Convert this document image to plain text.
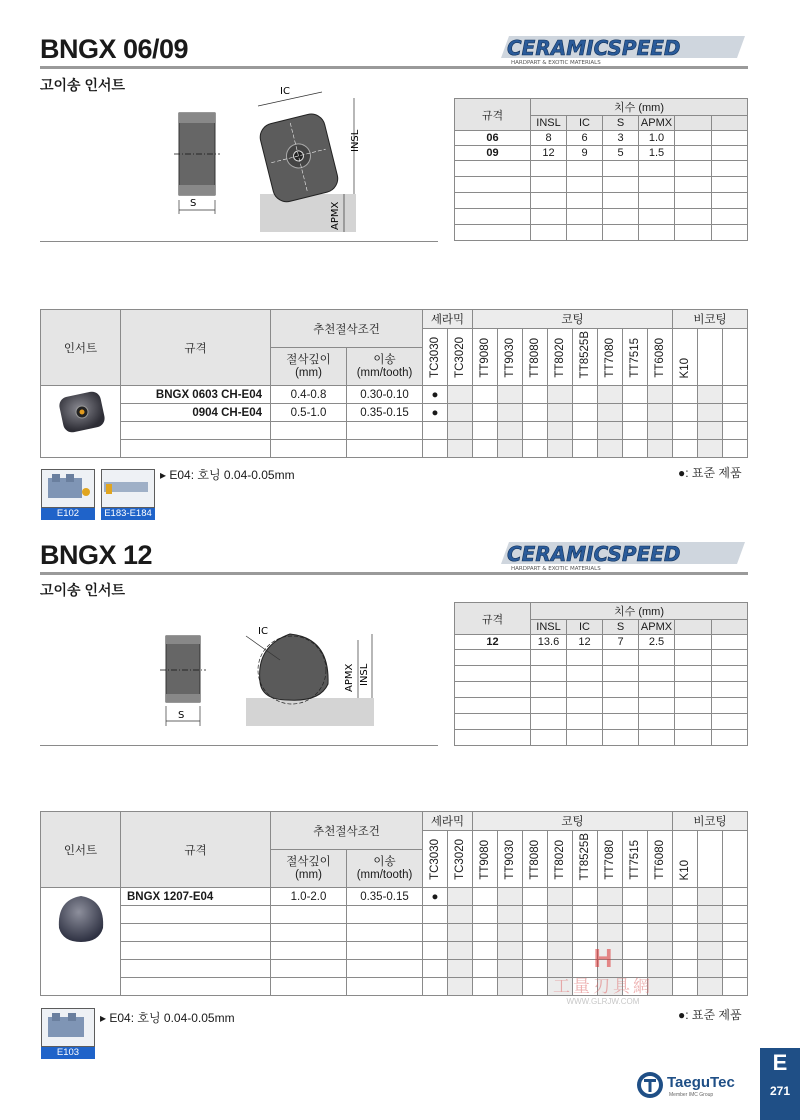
BNGX 06/09	CERAMICSPEED
HARDPART & EXOTIC MATERIALS
고이송 인서트
S
IC
INSL
APMX
규격	치수 (mm)					
	INSL	IC	S	APMX		
06	8	6	3	1.0		
09	12	9	5	1.5		

인서트	규격	추천절삭조건		세라믹		코팅								비코팅		
				TC3030	TC3020	TT9080	TT9030	TT8080	TT8020	TT8525B	TT7080	TT7515	TT6080	K10		
		절삭깊이
(mm)	이송
(mm/tooth)													
	BNGX 0603 CH-E04	0.4-0.8	0.30-0.10	●												
	0904 CH-E04	0.5-1.0	0.35-0.15	●												

E102	E183-E184
▸ E04: 호닝 0.04-0.05mm	●: 표준 제품
BNGX 12	CERAMICSPEED
HARDPART & EXOTIC MATERIALS
고이송 인서트
S
IC
APMX INSL
규격	치수 (mm)					
	INSL	IC	S	APMX		
12	13.6	12	7	2.5		

인서트	규격	추천절삭조건		세라믹		코팅								비코팅		
				TC3030	TC3020	TT9080	TT9030	TT8080	TT8020	TT8525B	TT7080	TT7515	TT6080	K10		
		절삭깊이
(mm)	이송
(mm/tooth)													
	BNGX 1207-E04	1.0-2.0	0.35-0.15	●												

H
工量刃具網
WWW.GLRJW.COM
E103
▸ E04: 호닝 0.04-0.05mm	●: 표준 제품
TaeguTec
Member IMC Group
E
271
